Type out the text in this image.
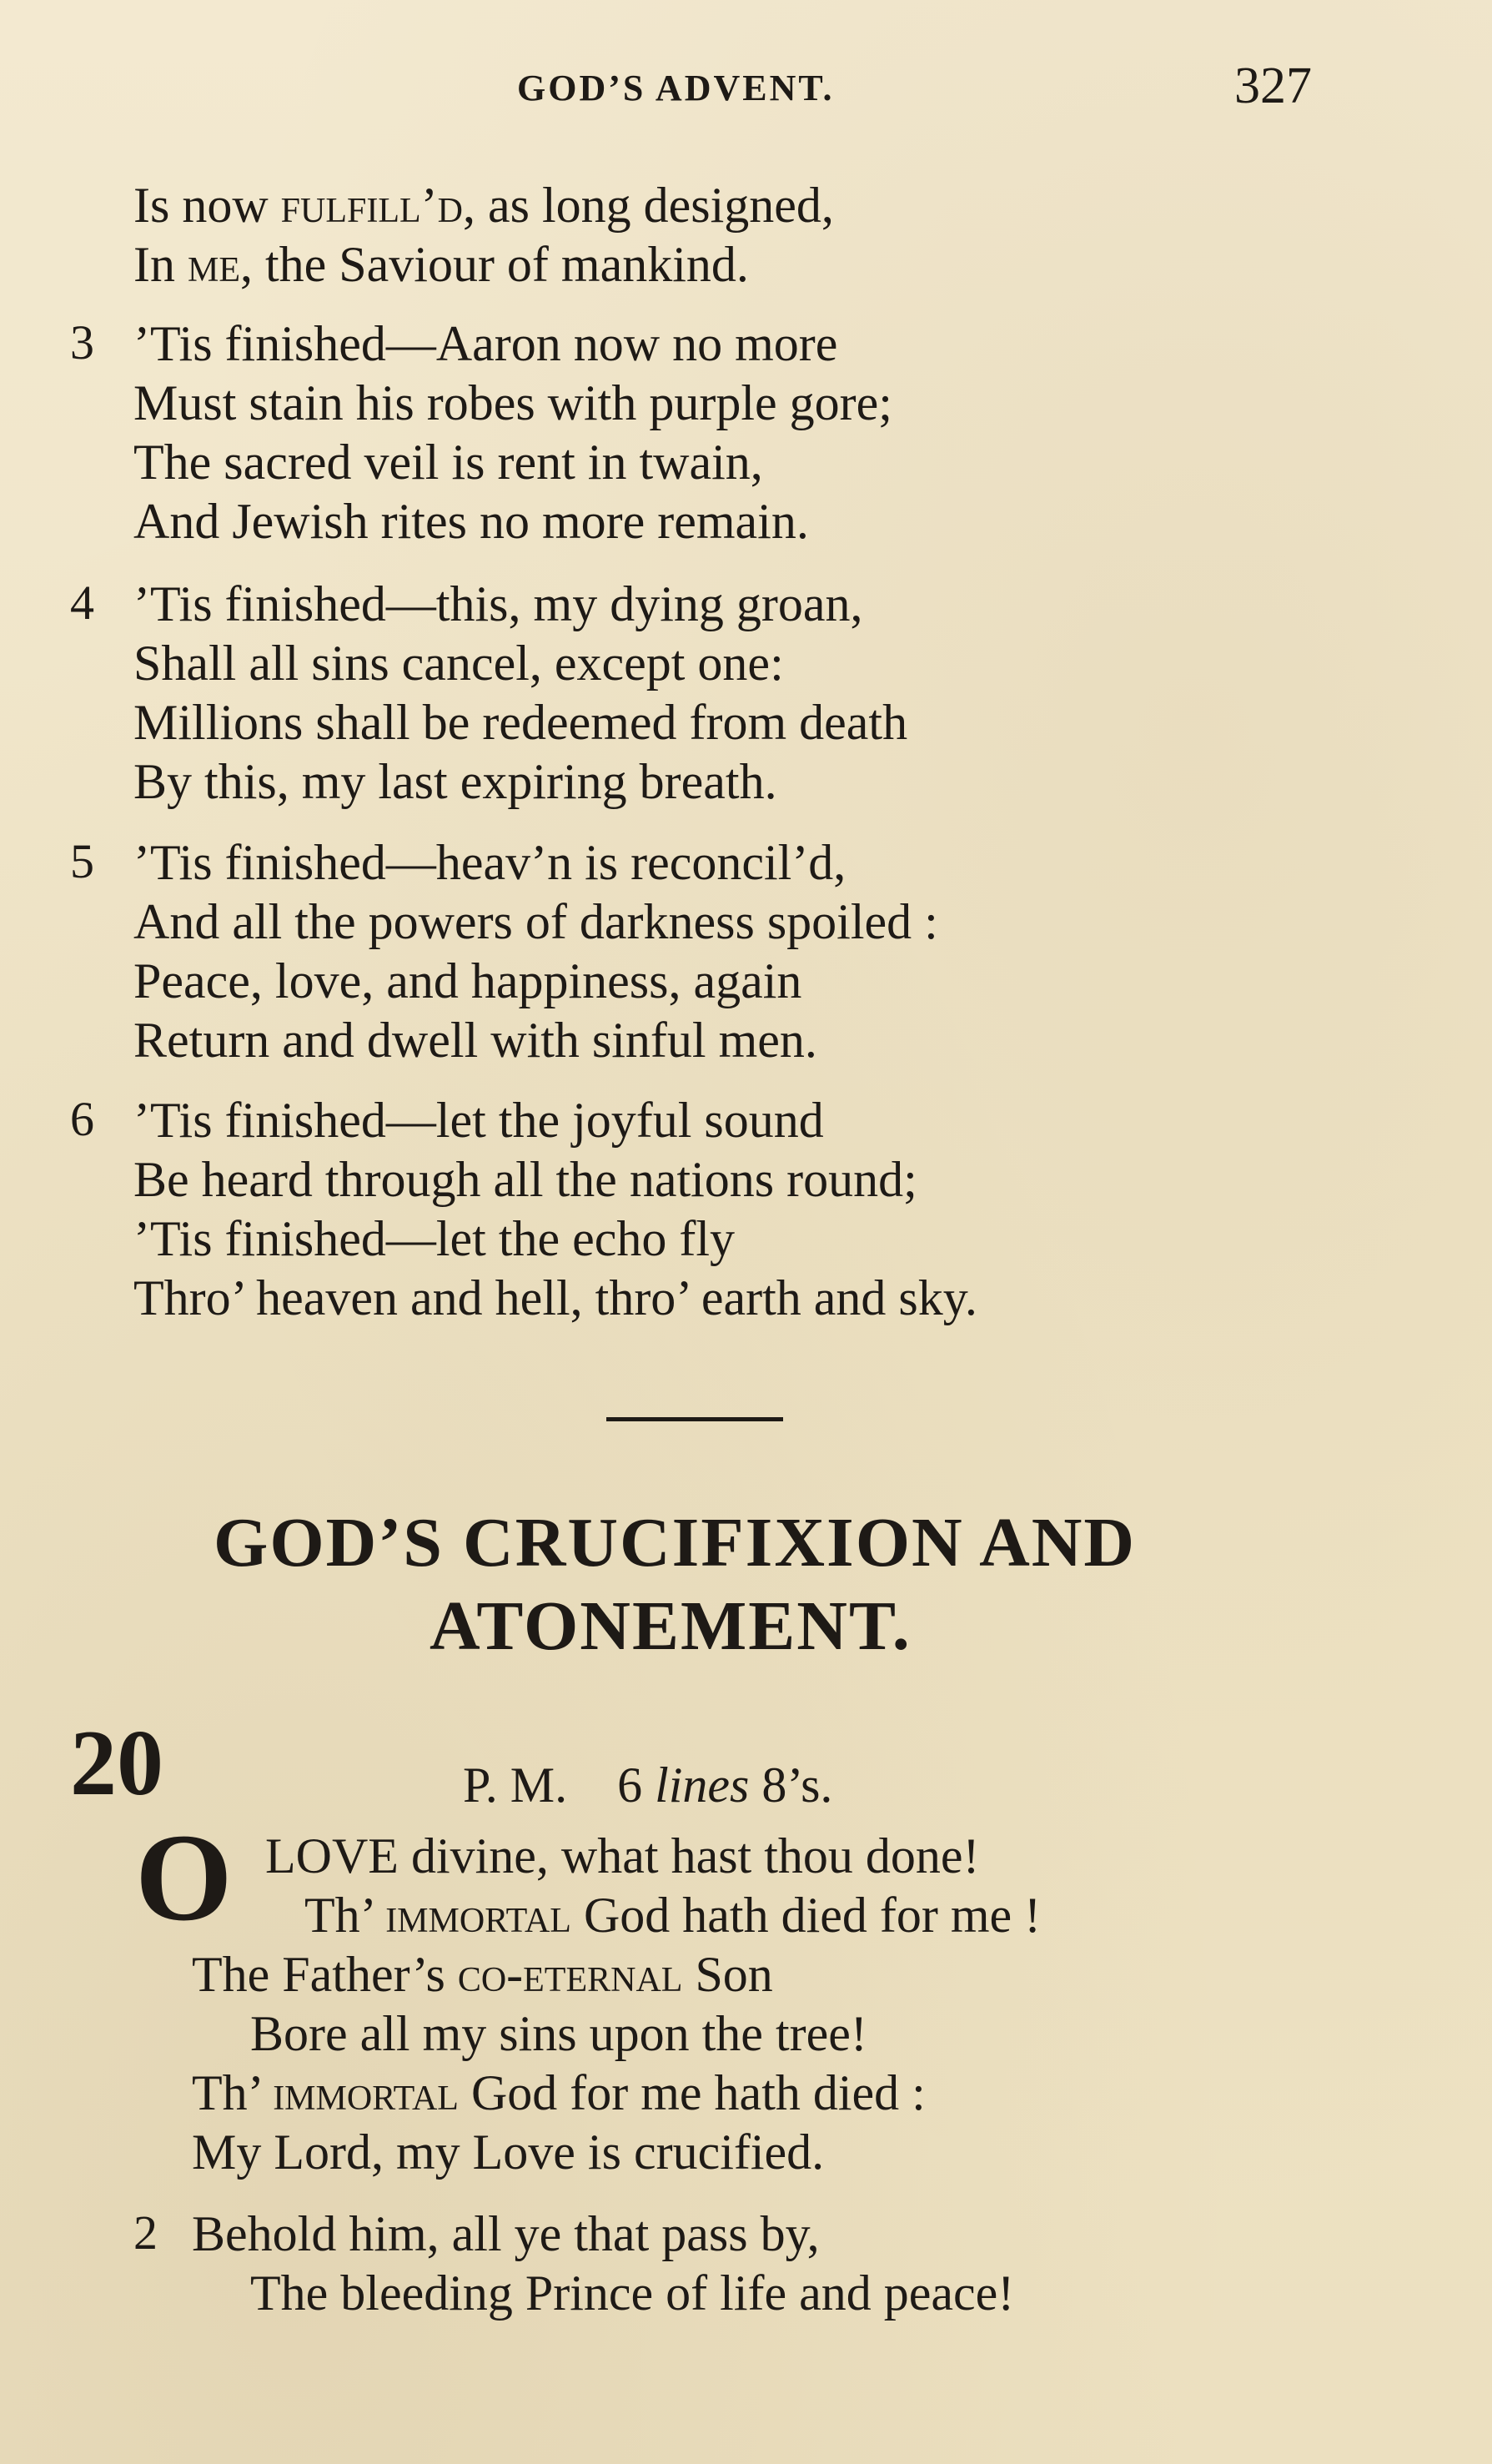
GOD’S ADVENT.	327
Is now fulfill’d, as long designed,
In me, the Saviour of mankind.
3 ’Tis finished—Aaron now no more
Must stain his robes with purple gore;
The sacred veil is rent in twain,
And Jewish rites no more remain.
4 ’Tis finished—this, my dying groan,
Shall all sins cancel, except one:
Millions shall be redeemed from death
By this, my last expiring breath.
5 ’Tis finished—heav’n is reconcil’d,
And all the powers of darkness spoiled :
Peace, love, and happiness, again
Return and dwell with sinful men.
6 ’Tis finished—let the joyful sound
Be heard through all the nations round;
’Tis finished—let the echo fly
Thro’ heaven and hell, thro’ earth and sky.
GOD’S CRUCIFIXION AND
ATONEMENT.
20	P. M.    6 lines 8’s.
O LOVE divine, what hast thou done!
Th’ immortal God hath died for me !
The Father’s co-eternal Son
Bore all my sins upon the tree!
Th’ immortal God for me hath died :
My Lord, my Love is crucified.
2 Behold him, all ye that pass by,
The bleeding Prince of life and peace!
